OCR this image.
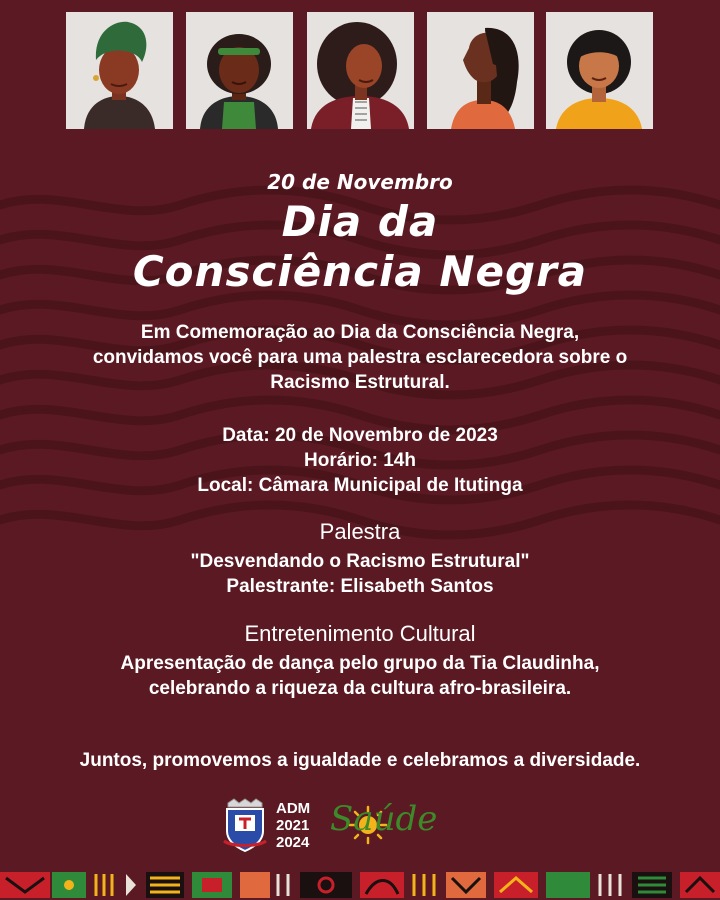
20 de Novembro
Dia da
Consciência Negra
Em Comemoração ao Dia da Consciência Negra,
convidamos você para uma palestra esclarecedora sobre o
Racismo Estrutural.
Data: 20 de Novembro de 2023
Horário: 14h
Local: Câmara Municipal de Itutinga
Palestra
"Desvendando o Racismo Estrutural"
Palestrante: Elisabeth Santos
Entretenimento Cultural
Apresentação de dança pelo grupo da Tia Claudinha,
celebrando a riqueza da cultura afro-brasileira.
Juntos, promovemos a igualdade e celebramos a diversidade.
ADM
2021
2024
Saúde
